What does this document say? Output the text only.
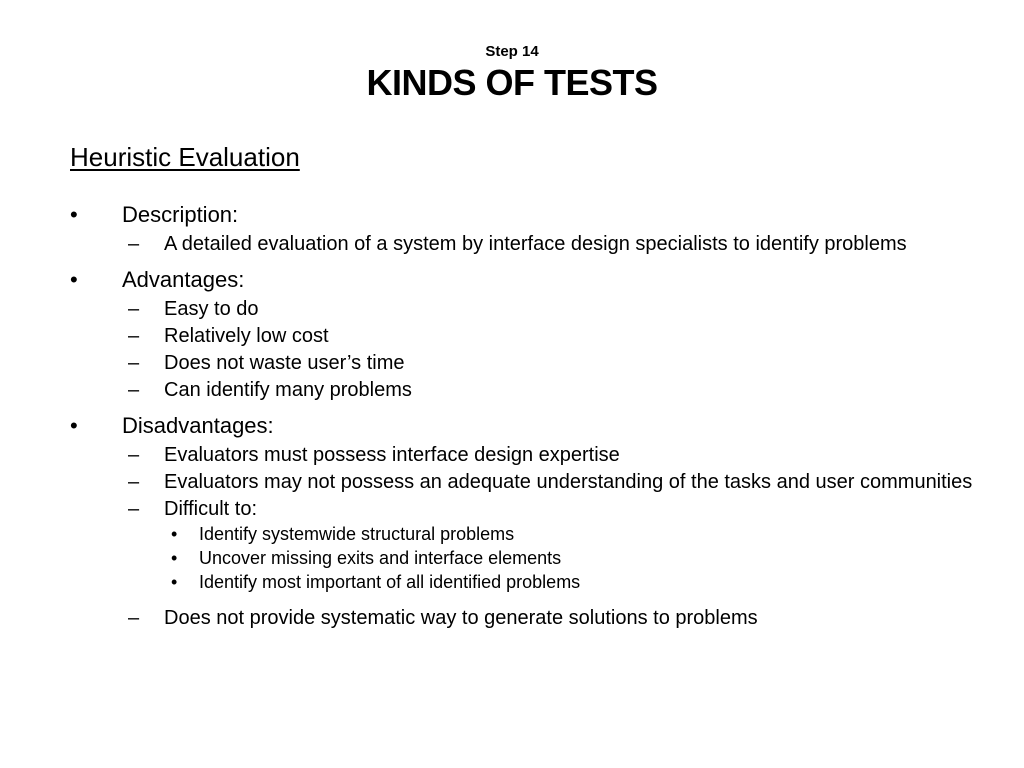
Step 14
KINDS OF TESTS
Heuristic Evaluation
• Description:
– A detailed evaluation of a system by interface design specialists to identify problems
• Advantages:
– Easy to do
– Relatively low cost
– Does not waste user’s time
– Can identify many problems
• Disadvantages:
– Evaluators must possess interface design expertise
– Evaluators may not possess an adequate understanding of the tasks and user communities
– Difficult to:
• Identify systemwide structural problems
• Uncover missing exits and interface elements
• Identify most important of all identified problems
– Does not provide systematic way to generate solutions to problems
